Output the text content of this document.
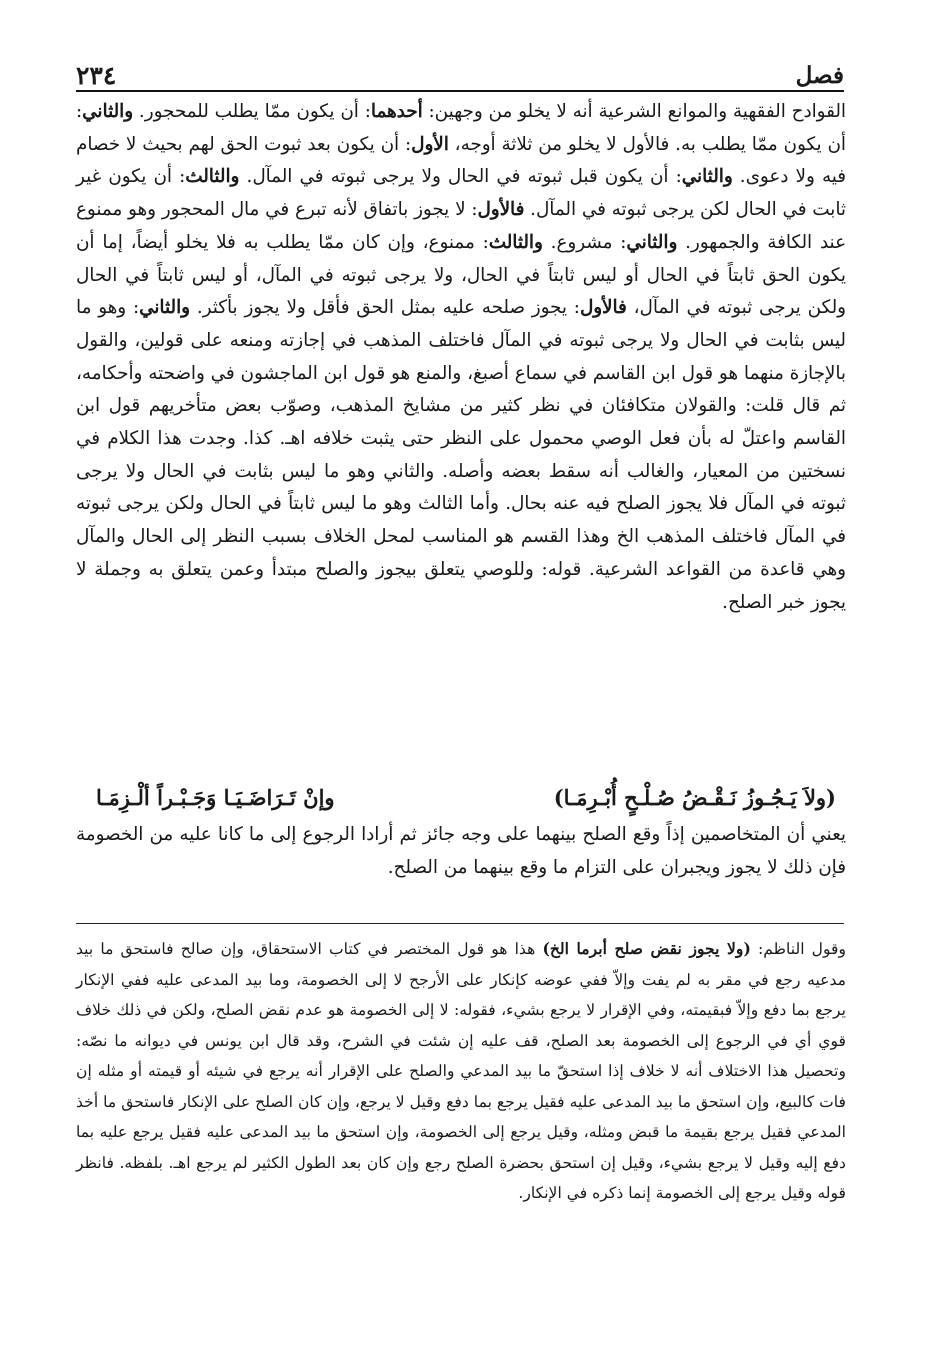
٢٣٤	فصل

القوادح الفقهية والموانع الشرعية أنه لا يخلو من وجهين: أحدهما: أن يكون ممّا يطلب للمحجور. والثاني: أن يكون ممّا يطلب به. فالأول لا يخلو من ثلاثة أوجه، الأول: أن يكون بعد ثبوت الحق لهم بحيث لا خصام فيه ولا دعوى. والثاني: أن يكون قبل ثبوته في الحال ولا يرجى ثبوته في المآل. والثالث: أن يكون غير ثابت في الحال لكن يرجى ثبوته في المآل. فالأول: لا يجوز باتفاق لأنه تبرع في مال المحجور وهو ممنوع عند الكافة والجمهور. والثاني: مشروع. والثالث: ممنوع، وإن كان ممّا يطلب به فلا يخلو أيضاً، إما أن يكون الحق ثابتاً في الحال أو ليس ثابتاً في الحال، ولا يرجى ثبوته في المآل، أو ليس ثابتاً في الحال ولكن يرجى ثبوته في المآل، فالأول: يجوز صلحه عليه بمثل الحق فأقل ولا يجوز بأكثر. والثاني: وهو ما ليس بثابت في الحال ولا يرجى ثبوته في المآل فاختلف المذهب في إجازته ومنعه على قولين، والقول بالإجازة منهما هو قول ابن القاسم في سماع أصبغ، والمنع هو قول ابن الماجشون في واضحته وأحكامه، ثم قال قلت: والقولان متكافئان في نظر كثير من مشايخ المذهب، وصوّب بعض متأخريهم قول ابن القاسم واعتلّ له بأن فعل الوصي محمول على النظر حتى يثبت خلافه اهـ. كذا. وجدت هذا الكلام في نسختين من المعيار، والغالب أنه سقط بعضه وأصله. والثاني وهو ما ليس بثابت في الحال ولا يرجى ثبوته في المآل فلا يجوز الصلح فيه عنه بحال. وأما الثالث وهو ما ليس ثابتاً في الحال ولكن يرجى ثبوته في المآل فاختلف المذهب الخ وهذا القسم هو المناسب لمحل الخلاف بسبب النظر إلى الحال والمآل وهي قاعدة من القواعد الشرعية. قوله: وللوصي يتعلق بيجوز والصلح مبتدأ وعمن يتعلق به وجملة لا يجوز خبر الصلح.

(ولاَ يَـجُـوزُ نَـقْـضُ صُـلْـحٍ أُبْـرِمَـا)
وإنْ تَـرَاضَـيَـا وَجَـبْـراً ألْـزِمَـا

يعني أن المتخاصمين إذاً وقع الصلح بينهما على وجه جائز ثم أرادا الرجوع إلى ما كانا عليه من الخصومة فإن ذلك لا يجوز ويجبران على التزام ما وقع بينهما من الصلح.

وقول الناظم: (ولا يجوز نقض صلح أبرما الخ) هذا هو قول المختصر في كتاب الاستحقاق، وإن صالح فاستحق ما بيد مدعيه رجع في مقر به لم يفت وإلاّ ففي عوضه كإنكار على الأرجح لا إلى الخصومة، وما بيد المدعى عليه ففي الإنكار يرجع بما دفع وإلاّ فبقيمته، وفي الإقرار لا يرجع بشيء، فقوله: لا إلى الخصومة هو عدم نقض الصلح، ولكن في ذلك خلاف قوي أي في الرجوع إلى الخصومة بعد الصلح، قف عليه إن شئت في الشرح، وقد قال ابن يونس في ديوانه ما نصّه: وتحصيل هذا الاختلاف أنه لا خلاف إذا استحقّ ما بيد المدعي والصلح على الإقرار أنه يرجع في شيئه أو قيمته أو مثله إن فات كالبيع، وإن استحق ما بيد المدعى عليه فقيل يرجع بما دفع وقيل لا يرجع، وإن كان الصلح على الإنكار فاستحق ما أخذ المدعي فقيل يرجع بقيمة ما قبض ومثله، وقيل يرجع إلى الخصومة، وإن استحق ما بيد المدعى عليه فقيل يرجع عليه بما دفع إليه وقيل لا يرجع بشيء، وقيل إن استحق بحضرة الصلح رجع وإن كان بعد الطول الكثير لم يرجع اهـ. بلفظه. فانظر قوله وقيل يرجع إلى الخصومة إنما ذكره في الإنكار.
